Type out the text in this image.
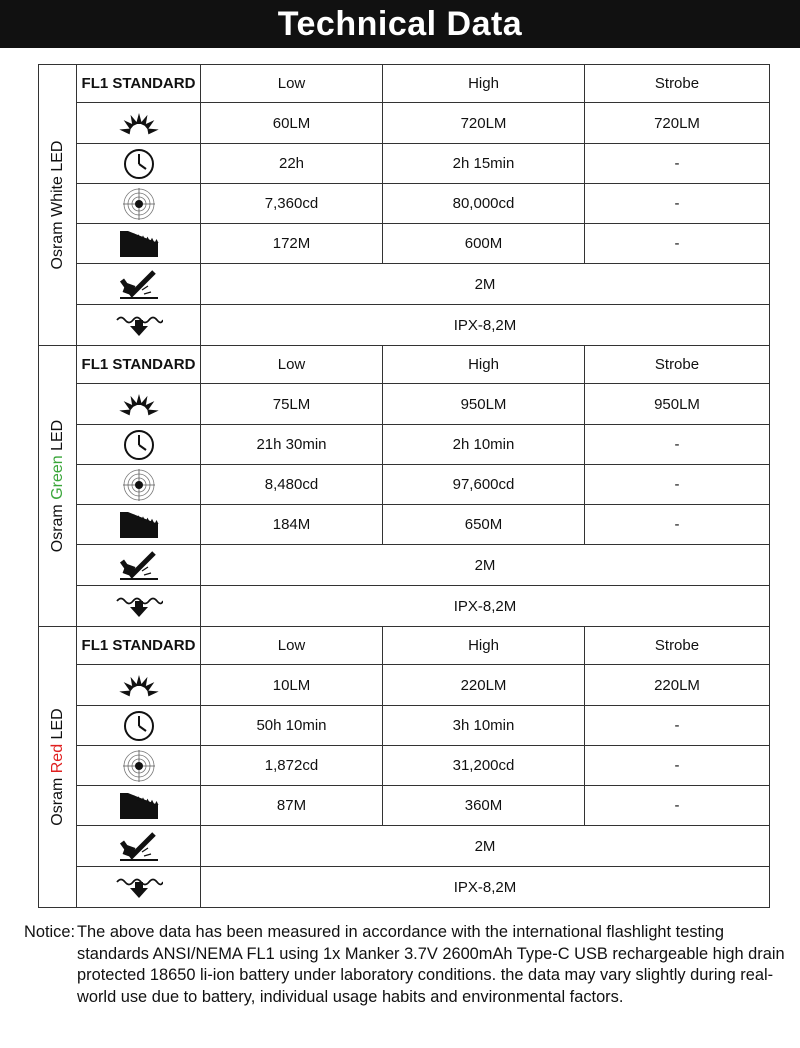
Technical Data
Osram White LED	FL1 STANDARD	Low	High	Strobe

	60LM	720LM	720LM

	22h	2h 15min	-

	7,360cd	80,000cd	-

	172M	600M	-

	2M		

	IPX-8,2M		

Osram Green LED	FL1 STANDARD	Low	High	Strobe

	75LM	950LM	950LM

	21h 30min	2h 10min	-

	8,480cd	97,600cd	-

	184M	650M	-

	2M		

	IPX-8,2M		

Osram Red LED	FL1 STANDARD	Low	High	Strobe

	10LM	220LM	220LM

	50h 10min	3h 10min	-

	1,872cd	31,200cd	-

	87M	360M	-

	2M		

	IPX-8,2M		
Notice: The above data has been measured in accordance with the international flashlight testing standards ANSI/NEMA FL1 using 1x Manker 3.7V 2600mAh Type-C USB rechargeable high drain protected 18650 li-ion battery under laboratory conditions. the data may vary slightly during real-world use due to battery, individual usage habits and environmental factors.
